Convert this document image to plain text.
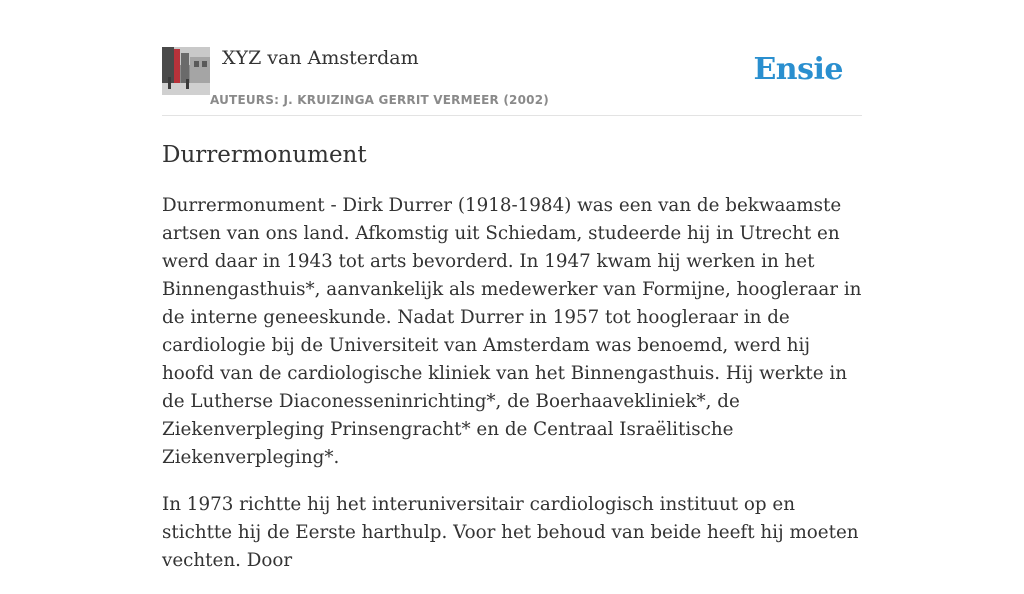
XYZ van Amsterdam
AUTEURS: J. KRUIZINGA GERRIT VERMEER (2002)
Ensie
Durrermonument

Durrermonument - Dirk Durrer (1918-1984) was een van de bekwaamste artsen van ons land. Afkomstig uit Schiedam, studeerde hij in Utrecht en werd daar in 1943 tot arts bevorderd. In 1947 kwam hij werken in het Binnengasthuis*, aanvankelijk als medewerker van Formijne, hoogleraar in de interne geneeskunde. Nadat Durrer in 1957 tot hoogleraar in de cardiologie bij de Universiteit van Amsterdam was benoemd, werd hij hoofd van de cardiologische kliniek van het Binnengasthuis. Hij werkte in de Lutherse Diaconesseninrichting*, de Boerhaavekliniek*, de Ziekenverpleging Prinsengracht* en de Centraal Israëlitische Ziekenverpleging*.

In 1973 richtte hij het interuniversitair cardiologisch instituut op en stichtte hij de Eerste harthulp. Voor het behoud van beide heeft hij moeten vechten. Door
